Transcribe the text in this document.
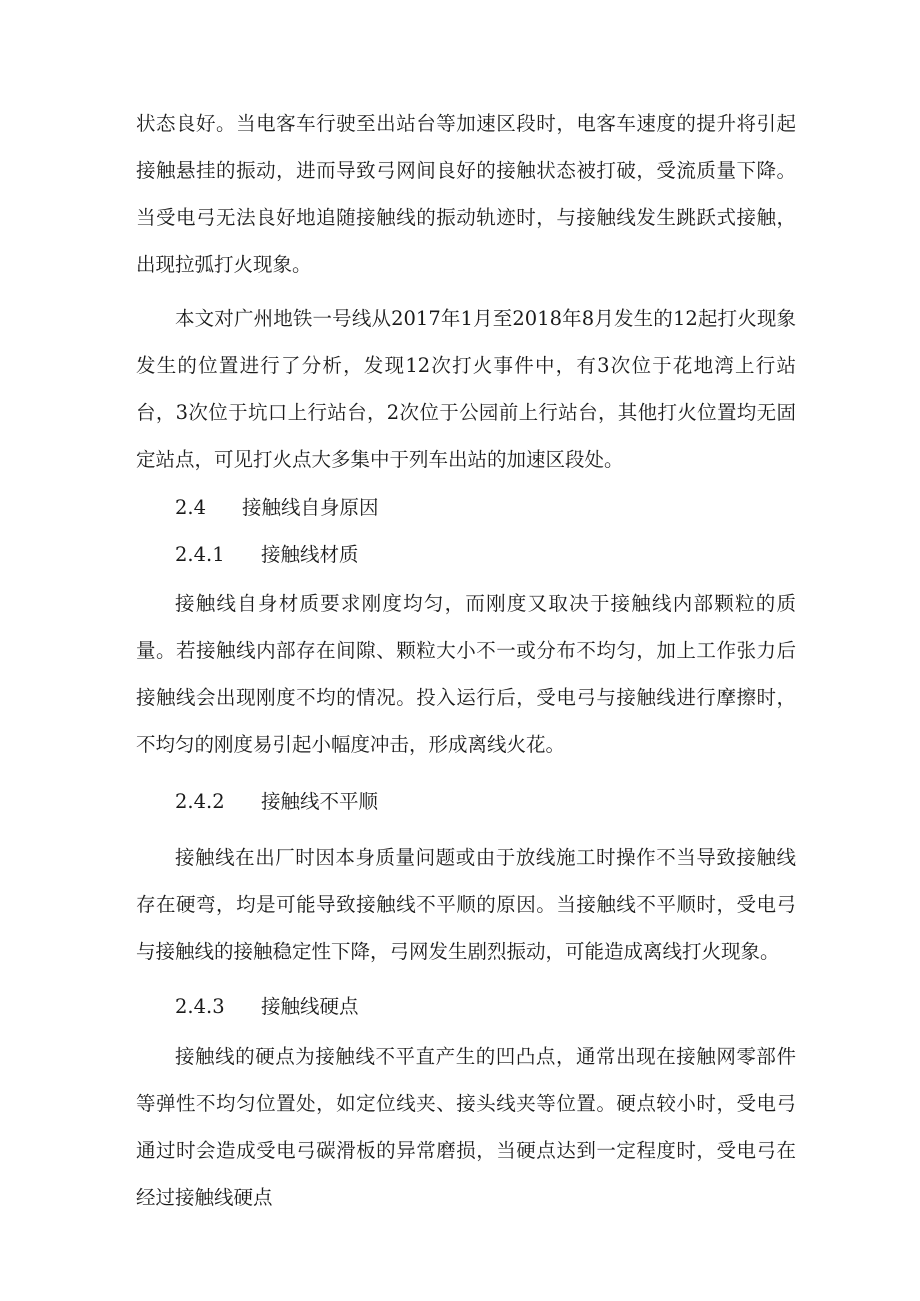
状态良好。当电客车行驶至出站台等加速区段时，电客车速度的提升将引起接触悬挂的振动，进而导致弓网间良好的接触状态被打破，受流质量下降。当受电弓无法良好地追随接触线的振动轨迹时，与接触线发生跳跃式接触，出现拉弧打火现象。

本文对广州地铁一号线从2017年1月至2018年8月发生的12起打火现象发生的位置进行了分析，发现12次打火事件中，有3次位于花地湾上行站台，3次位于坑口上行站台，2次位于公园前上行站台，其他打火位置均无固定站点，可见打火点大多集中于列车出站的加速区段处。

2.4 接触线自身原因
2.4.1 接触线材质

接触线自身材质要求刚度均匀，而刚度又取决于接触线内部颗粒的质量。若接触线内部存在间隙、颗粒大小不一或分布不均匀，加上工作张力后接触线会出现刚度不均的情况。投入运行后，受电弓与接触线进行摩擦时，不均匀的刚度易引起小幅度冲击，形成离线火花。

2.4.2 接触线不平顺

接触线在出厂时因本身质量问题或由于放线施工时操作不当导致接触线存在硬弯，均是可能导致接触线不平顺的原因。当接触线不平顺时，受电弓与接触线的接触稳定性下降，弓网发生剧烈振动，可能造成离线打火现象。

2.4.3 接触线硬点

接触线的硬点为接触线不平直产生的凹凸点，通常出现在接触网零部件等弹性不均匀位置处，如定位线夹、接头线夹等位置。硬点较小时，受电弓通过时会造成受电弓碳滑板的异常磨损，当硬点达到一定程度时，受电弓在经过接触线硬点
